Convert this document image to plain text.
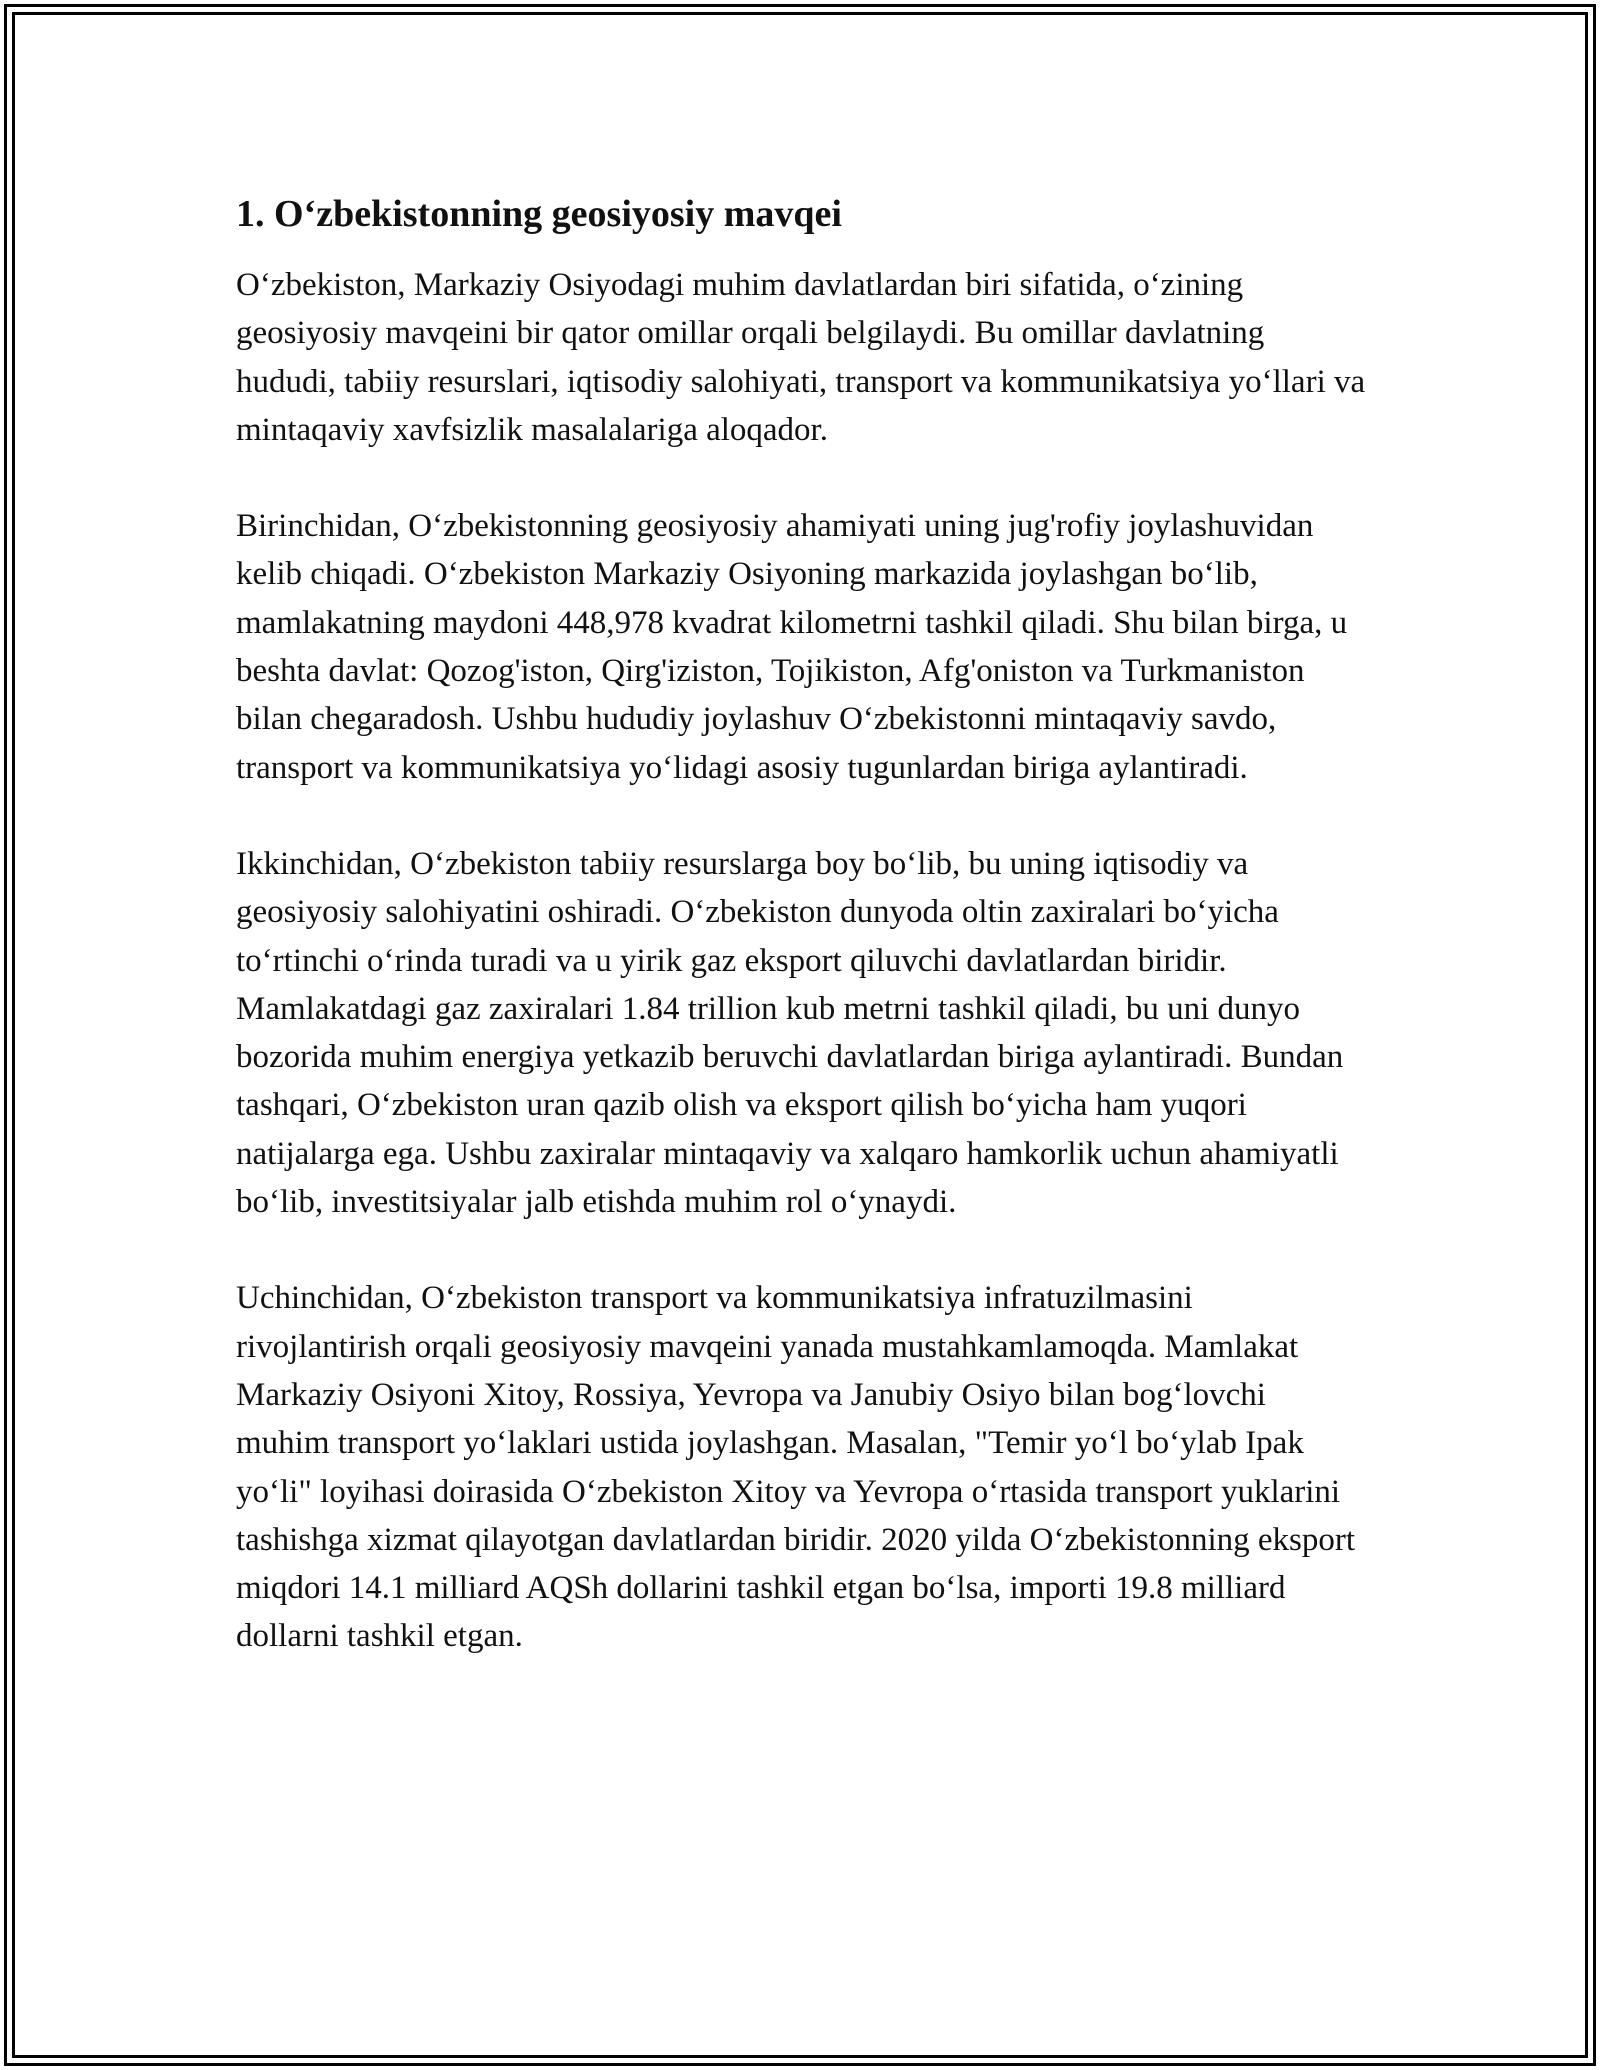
1. O‘zbekistonning geosiyosiy mavqei

O‘zbekiston, Markaziy Osiyodagi muhim davlatlardan biri sifatida, o‘zining geosiyosiy mavqeini bir qator omillar orqali belgilaydi. Bu omillar davlatning hududi, tabiiy resurslari, iqtisodiy salohiyati, transport va kommunikatsiya yo‘llari va mintaqaviy xavfsizlik masalalariga aloqador.

Birinchidan, O‘zbekistonning geosiyosiy ahamiyati uning jug'rofiy joylashuvidan kelib chiqadi. O‘zbekiston Markaziy Osiyoning markazida joylashgan bo‘lib, mamlakatning maydoni 448,978 kvadrat kilometrni tashkil qiladi. Shu bilan birga, u beshta davlat: Qozog'iston, Qirg'iziston, Tojikiston, Afg'oniston va Turkmaniston bilan chegaradosh. Ushbu hududiy joylashuv O‘zbekistonni mintaqaviy savdo, transport va kommunikatsiya yo‘lidagi asosiy tugunlardan biriga aylantiradi.

Ikkinchidan, O‘zbekiston tabiiy resurslarga boy bo‘lib, bu uning iqtisodiy va geosiyosiy salohiyatini oshiradi. O‘zbekiston dunyoda oltin zaxiralari bo‘yicha to‘rtinchi o‘rinda turadi va u yirik gaz eksport qiluvchi davlatlardan biridir. Mamlakatdagi gaz zaxiralari 1.84 trillion kub metrni tashkil qiladi, bu uni dunyo bozorida muhim energiya yetkazib beruvchi davlatlardan biriga aylantiradi. Bundan tashqari, O‘zbekiston uran qazib olish va eksport qilish bo‘yicha ham yuqori natijalarga ega. Ushbu zaxiralar mintaqaviy va xalqaro hamkorlik uchun ahamiyatli bo‘lib, investitsiyalar jalb etishda muhim rol o‘ynaydi.

Uchinchidan, O‘zbekiston transport va kommunikatsiya infratuzilmasini rivojlantirish orqali geosiyosiy mavqeini yanada mustahkamlamoqda. Mamlakat Markaziy Osiyoni Xitoy, Rossiya, Yevropa va Janubiy Osiyo bilan bog‘lovchi muhim transport yo‘laklari ustida joylashgan. Masalan, "Temir yo‘l bo‘ylab Ipak yo‘li" loyihasi doirasida O‘zbekiston Xitoy va Yevropa o‘rtasida transport yuklarini tashishga xizmat qilayotgan davlatlardan biridir. 2020 yilda O‘zbekistonning eksport miqdori 14.1 milliard AQSh dollarini tashkil etgan bo‘lsa, importi 19.8 milliard dollarni tashkil etgan.
